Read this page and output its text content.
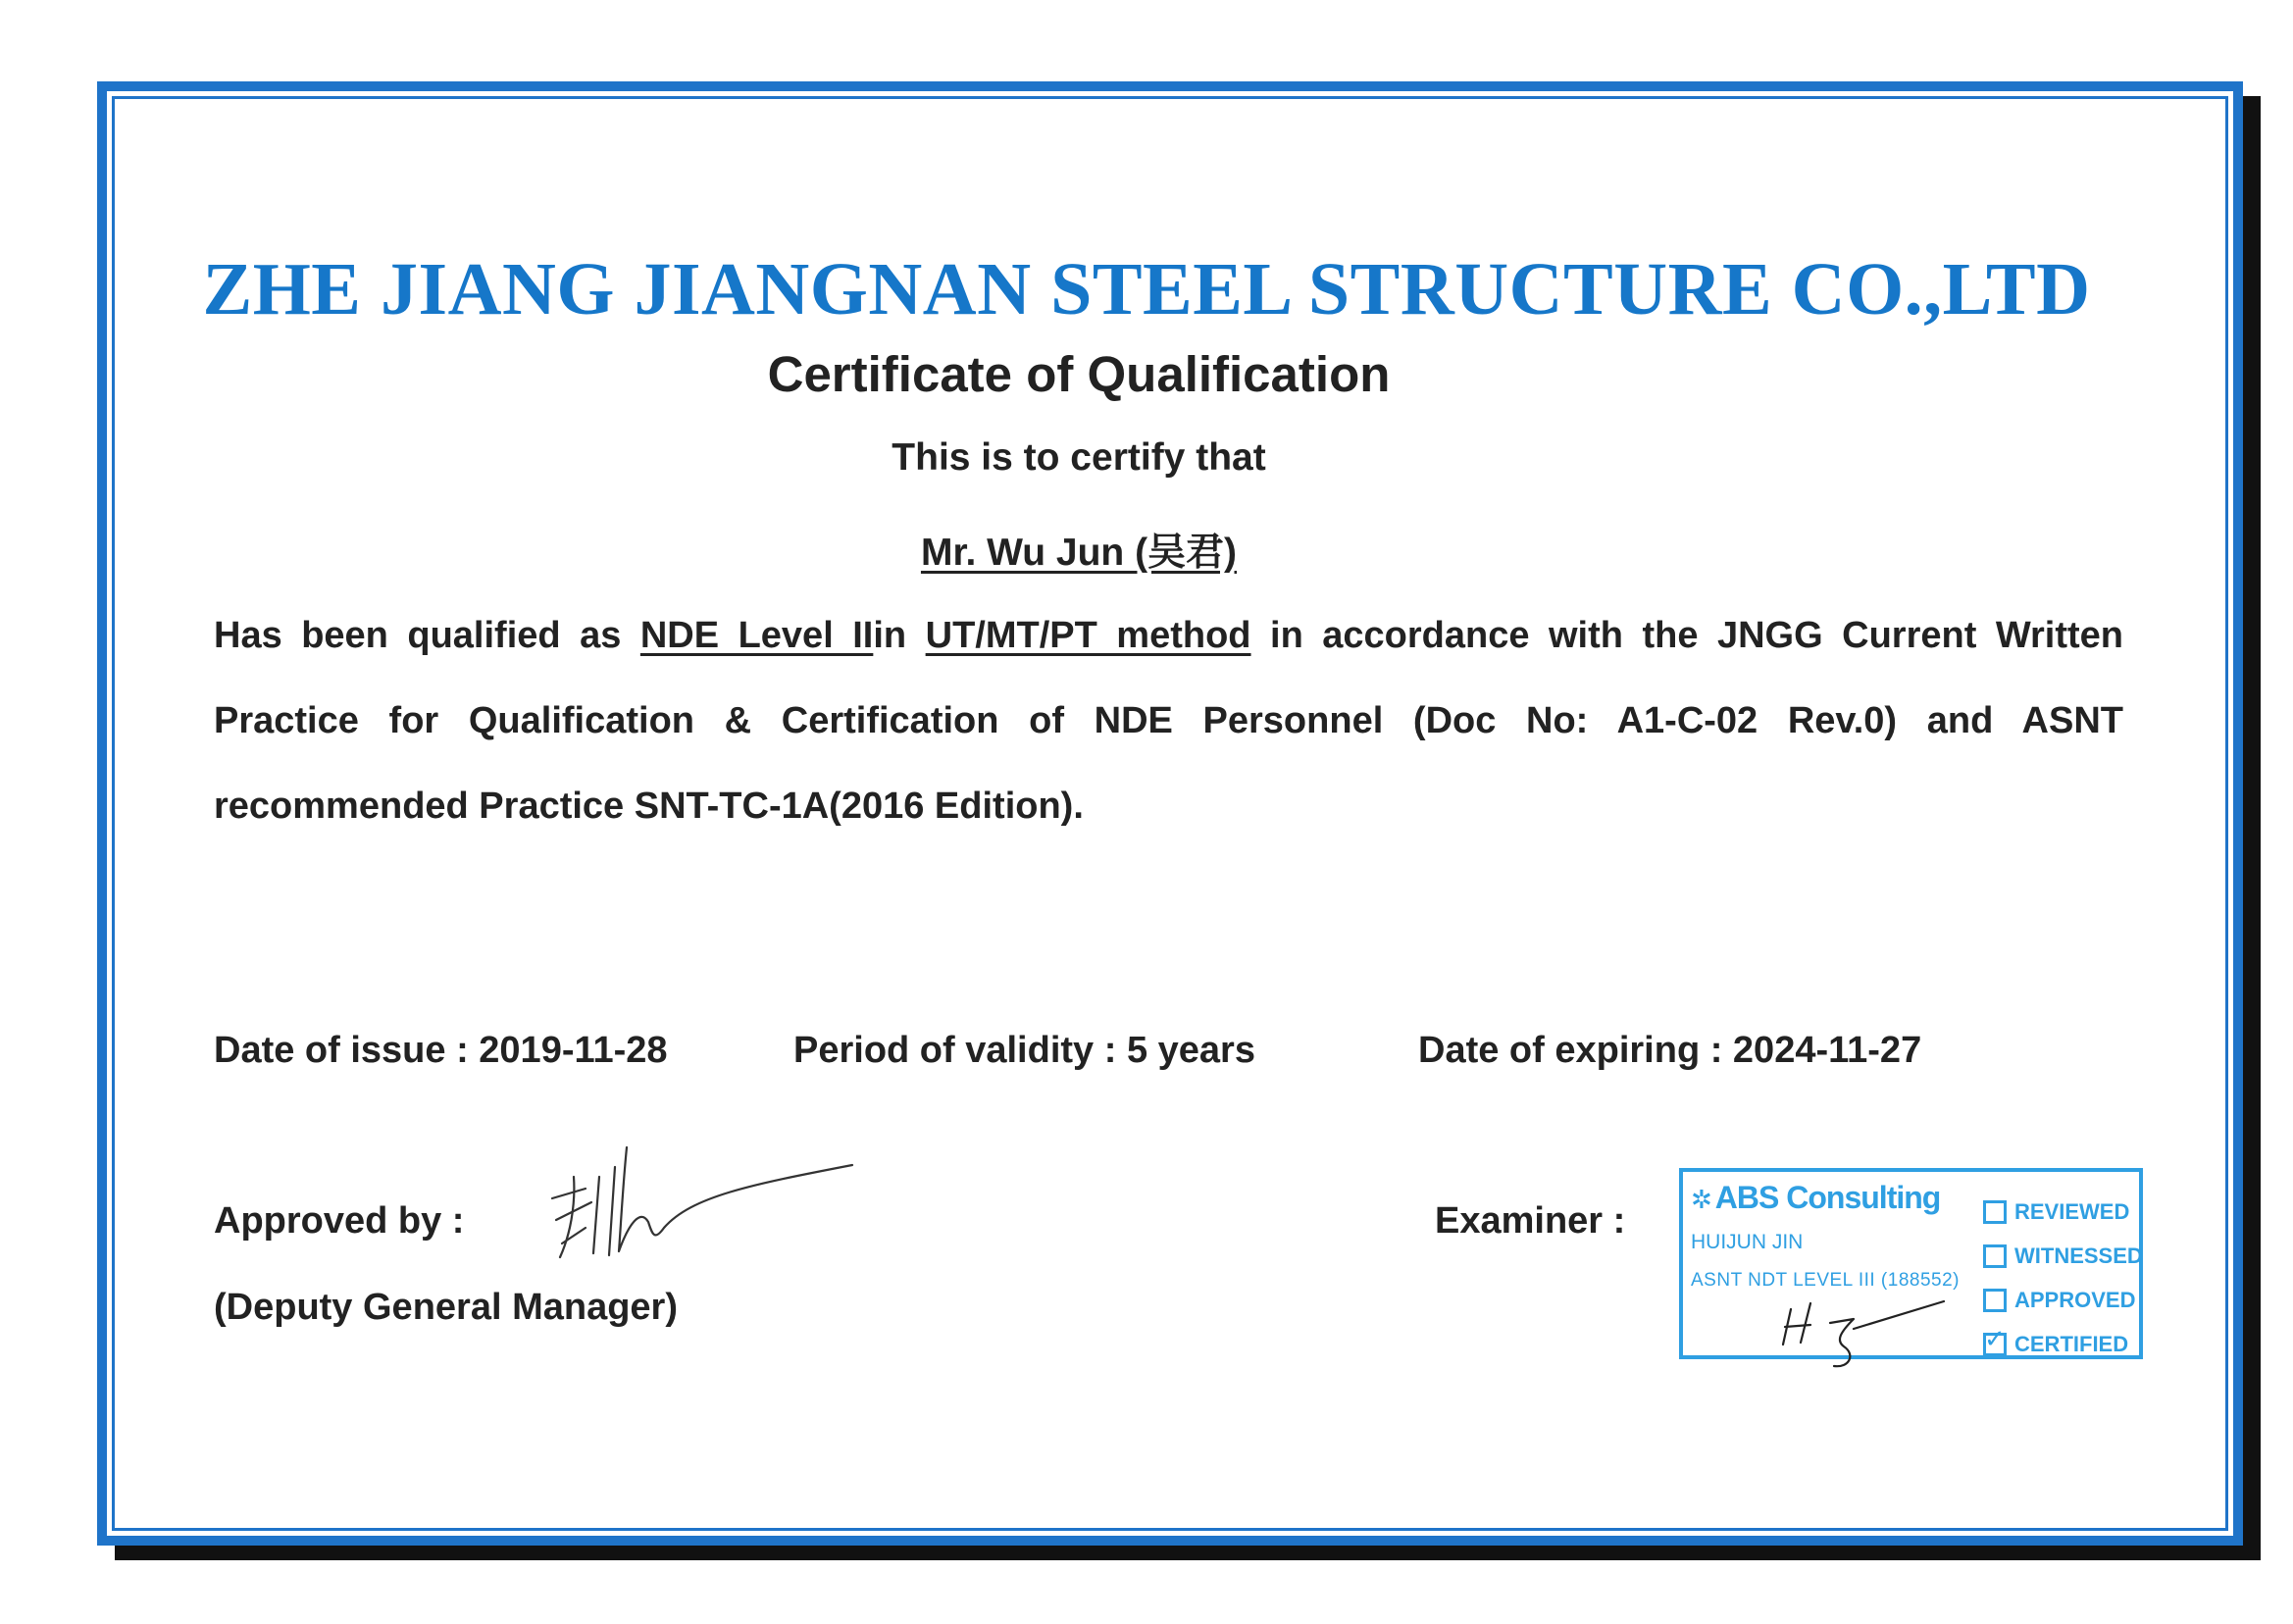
ZHE JIANG JIANGNAN STEEL STRUCTURE CO.,LTD
Certificate of Qualification
This is to certify that
Mr. Wu Jun (吴君)
Has been qualified as NDE Level IIin UT/MT/PT method in accordance with the JNGG Current Written Practice for Qualification & Certification of NDE Personnel (Doc No: A1-C-02 Rev.0) and ASNT recommended Practice SNT-TC-1A(2016 Edition).
Date of issue : 2019-11-28	Period of validity : 5 years	Date of expiring : 2024-11-27
Approved by :
(Deputy General Manager)
Examiner :
✲ ABS Consulting
HUIJUN JIN
ASNT NDT LEVEL III (188552)
REVIEWED
WITNESSED
APPROVED
✓ CERTIFIED
